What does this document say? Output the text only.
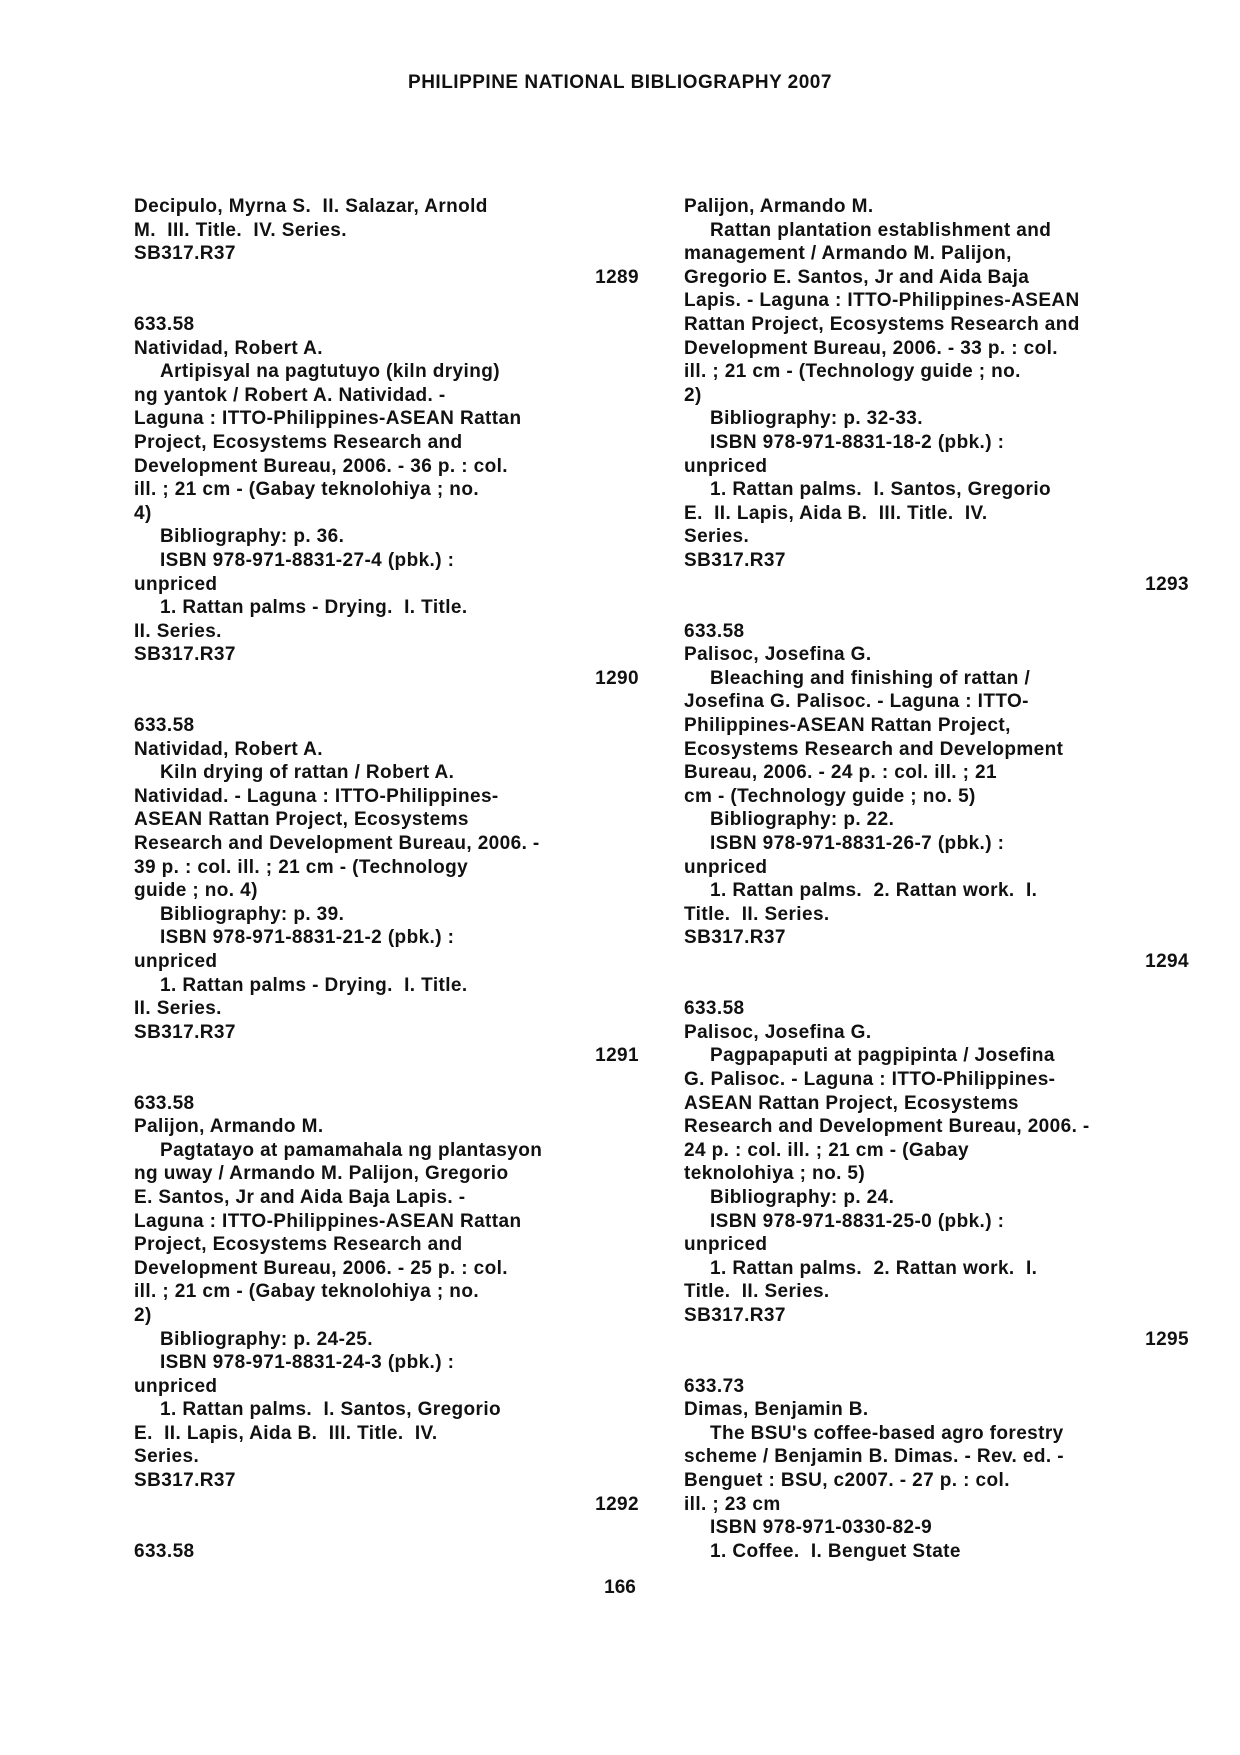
PHILIPPINE NATIONAL BIBLIOGRAPHY 2007
Decipulo, Myrna S.  II. Salazar, Arnold
M.  III. Title.  IV. Series.
SB317.R37
1289
633.58
Natividad, Robert A.
Artipisyal na pagtutuyo (kiln drying)
ng yantok / Robert A. Natividad. -
Laguna : ITTO-Philippines-ASEAN Rattan
Project, Ecosystems Research and
Development Bureau, 2006. - 36 p. : col.
ill. ; 21 cm - (Gabay teknolohiya ; no.
4)
Bibliography: p. 36.
ISBN 978-971-8831-27-4 (pbk.) :
unpriced
1. Rattan palms - Drying.  I. Title.
II. Series.
SB317.R37
1290
633.58
Natividad, Robert A.
Kiln drying of rattan / Robert A.
Natividad. - Laguna : ITTO-Philippines-
ASEAN Rattan Project, Ecosystems
Research and Development Bureau, 2006. -
39 p. : col. ill. ; 21 cm - (Technology
guide ; no. 4)
Bibliography: p. 39.
ISBN 978-971-8831-21-2 (pbk.) :
unpriced
1. Rattan palms - Drying.  I. Title.
II. Series.
SB317.R37
1291
633.58
Palijon, Armando M.
Pagtatayo at pamamahala ng plantasyon
ng uway / Armando M. Palijon, Gregorio
E. Santos, Jr and Aida Baja Lapis. -
Laguna : ITTO-Philippines-ASEAN Rattan
Project, Ecosystems Research and
Development Bureau, 2006. - 25 p. : col.
ill. ; 21 cm - (Gabay teknolohiya ; no.
2)
Bibliography: p. 24-25.
ISBN 978-971-8831-24-3 (pbk.) :
unpriced
1. Rattan palms.  I. Santos, Gregorio
E.  II. Lapis, Aida B.  III. Title.  IV.
Series.
SB317.R37
1292
633.58
Palijon, Armando M.
Rattan plantation establishment and
management / Armando M. Palijon,
Gregorio E. Santos, Jr and Aida Baja
Lapis. - Laguna : ITTO-Philippines-ASEAN
Rattan Project, Ecosystems Research and
Development Bureau, 2006. - 33 p. : col.
ill. ; 21 cm - (Technology guide ; no.
2)
Bibliography: p. 32-33.
ISBN 978-971-8831-18-2 (pbk.) :
unpriced
1. Rattan palms.  I. Santos, Gregorio
E.  II. Lapis, Aida B.  III. Title.  IV.
Series.
SB317.R37
1293
633.58
Palisoc, Josefina G.
Bleaching and finishing of rattan /
Josefina G. Palisoc. - Laguna : ITTO-
Philippines-ASEAN Rattan Project,
Ecosystems Research and Development
Bureau, 2006. - 24 p. : col. ill. ; 21
cm - (Technology guide ; no. 5)
Bibliography: p. 22.
ISBN 978-971-8831-26-7 (pbk.) :
unpriced
1. Rattan palms.  2. Rattan work.  I.
Title.  II. Series.
SB317.R37
1294
633.58
Palisoc, Josefina G.
Pagpapaputi at pagpipinta / Josefina
G. Palisoc. - Laguna : ITTO-Philippines-
ASEAN Rattan Project, Ecosystems
Research and Development Bureau, 2006. -
24 p. : col. ill. ; 21 cm - (Gabay
teknolohiya ; no. 5)
Bibliography: p. 24.
ISBN 978-971-8831-25-0 (pbk.) :
unpriced
1. Rattan palms.  2. Rattan work.  I.
Title.  II. Series.
SB317.R37
1295
633.73
Dimas, Benjamin B.
The BSU's coffee-based agro forestry
scheme / Benjamin B. Dimas. - Rev. ed. -
Benguet : BSU, c2007. - 27 p. : col.
ill. ; 23 cm
ISBN 978-971-0330-82-9
1. Coffee.  I. Benguet State
166
